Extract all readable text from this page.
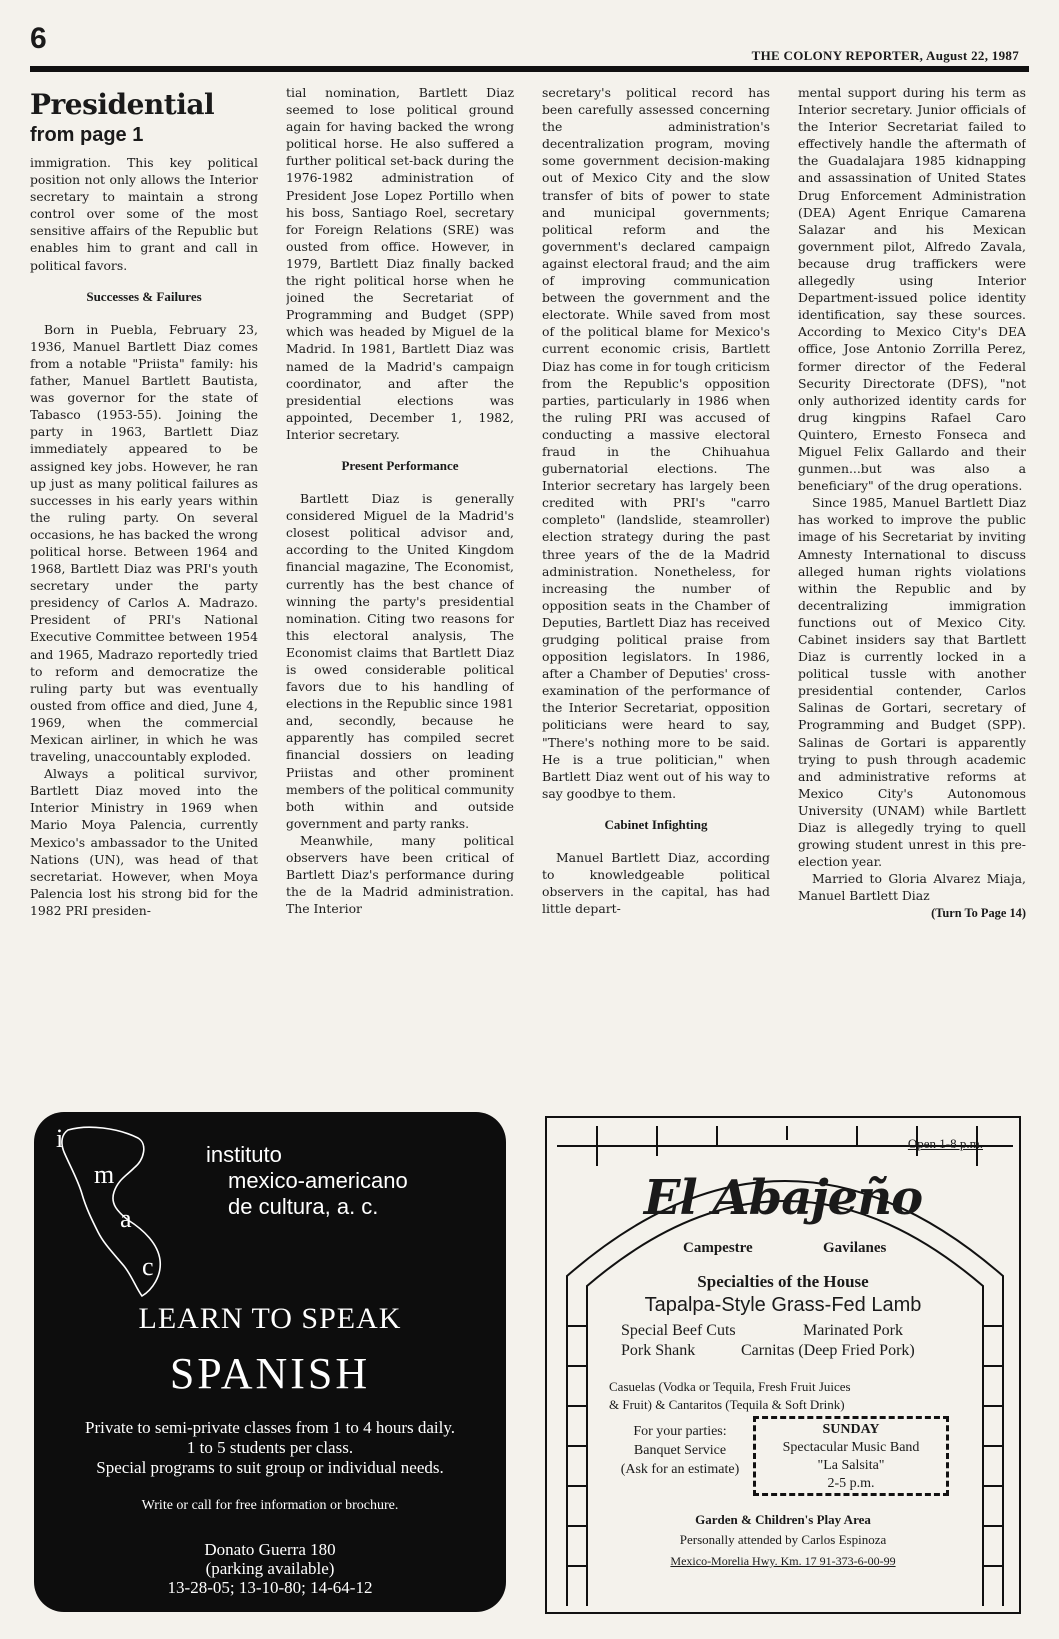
6
THE COLONY REPORTER, August 22, 1987
Presidential
from page 1

immigration. This key political position not only allows the Interior secretary to maintain a strong control over some of the most sensitive affairs of the Republic but enables him to grant and call in political favors.

Successes & Failures

Born in Puebla, February 23, 1936, Manuel Bartlett Diaz comes from a notable "Priista" family: his father, Manuel Bartlett Bautista, was governor for the state of Tabasco (1953-55). Joining the party in 1963, Bartlett Diaz immediately appeared to be assigned key jobs. However, he ran up just as many political failures as successes in his early years within the ruling party. On several occasions, he has backed the wrong political horse. Between 1964 and 1968, Bartlett Diaz was PRI's youth secretary under the party presidency of Carlos A. Madrazo. President of PRI's National Executive Committee between 1954 and 1965, Madrazo reportedly tried to reform and democratize the ruling party but was eventually ousted from office and died, June 4, 1969, when the commercial Mexican airliner, in which he was traveling, unaccountably exploded.

Always a political survivor, Bartlett Diaz moved into the Interior Ministry in 1969 when Mario Moya Palencia, currently Mexico's ambassador to the United Nations (UN), was head of that secretariat. However, when Moya Palencia lost his strong bid for the 1982 PRI presiden-

tial nomination, Bartlett Diaz seemed to lose political ground again for having backed the wrong political horse. He also suffered a further political set-back during the 1976-1982 administration of President Jose Lopez Portillo when his boss, Santiago Roel, secretary for Foreign Relations (SRE) was ousted from office. However, in 1979, Bartlett Diaz finally backed the right political horse when he joined the Secretariat of Programming and Budget (SPP) which was headed by Miguel de la Madrid. In 1981, Bartlett Diaz was named de la Madrid's campaign coordinator, and after the presidential elections was appointed, December 1, 1982, Interior secretary.

Present Performance

Bartlett Diaz is generally considered Miguel de la Madrid's closest political advisor and, according to the United Kingdom financial magazine, The Economist, currently has the best chance of winning the party's presidential nomination. Citing two reasons for this electoral analysis, The Economist claims that Bartlett Diaz is owed considerable political favors due to his handling of elections in the Republic since 1981 and, secondly, because he apparently has compiled secret financial dossiers on leading Priistas and other prominent members of the political community both within and outside government and party ranks.

Meanwhile, many political observers have been critical of Bartlett Diaz's performance during the de la Madrid administration. The Interior

secretary's political record has been carefully assessed concerning the administration's decentralization program, moving some government decision-making out of Mexico City and the slow transfer of bits of power to state and municipal governments; political reform and the government's declared campaign against electoral fraud; and the aim of improving communication between the government and the electorate. While saved from most of the political blame for Mexico's current economic crisis, Bartlett Diaz has come in for tough criticism from the Republic's opposition parties, particularly in 1986 when the ruling PRI was accused of conducting a massive electoral fraud in the Chihuahua gubernatorial elections. The Interior secretary has largely been credited with PRI's "carro completo" (landslide, steamroller) election strategy during the past three years of the de la Madrid administration. Nonetheless, for increasing the number of opposition seats in the Chamber of Deputies, Bartlett Diaz has received grudging political praise from opposition legislators. In 1986, after a Chamber of Deputies' cross-examination of the performance of the Interior Secretariat, opposition politicians were heard to say, "There's nothing more to be said. He is a true politician," when Bartlett Diaz went out of his way to say goodbye to them.

Cabinet Infighting

Manuel Bartlett Diaz, according to knowledgeable political observers in the capital, has had little depart-

mental support during his term as Interior secretary. Junior officials of the Interior Secretariat failed to effectively handle the aftermath of the Guadalajara 1985 kidnapping and assassination of United States Drug Enforcement Administration (DEA) Agent Enrique Camarena Salazar and his Mexican government pilot, Alfredo Zavala, because drug traffickers were allegedly using Interior Department-issued police identity identification, say these sources. According to Mexico City's DEA office, Jose Antonio Zorrilla Perez, former director of the Federal Security Directorate (DFS), "not only authorized identity cards for drug kingpins Rafael Caro Quintero, Ernesto Fonseca and Miguel Felix Gallardo and their gunmen...but was also a beneficiary" of the drug operations.

Since 1985, Manuel Bartlett Diaz has worked to improve the public image of his Secretariat by inviting Amnesty International to discuss alleged human rights violations within the Republic and by decentralizing immigration functions out of Mexico City. Cabinet insiders say that Bartlett Diaz is currently locked in a political tussle with another presidential contender, Carlos Salinas de Gortari, secretary of Programming and Budget (SPP). Salinas de Gortari is apparently trying to push through academic and administrative reforms at Mexico City's Autonomous University (UNAM) while Bartlett Diaz is allegedly trying to quell growing student unrest in this pre-election year.

Married to Gloria Alvarez Miaja, Manuel Bartlett Diaz

(Turn To Page 14)
i
m
a
c
instituto
mexico-americano
de cultura, a. c.
LEARN TO SPEAK
SPANISH
Private to semi-private classes from 1 to 4 hours daily.
1 to 5 students per class.
Special programs to suit group or individual needs.
Write or call for free information or brochure.
Donato Guerra 180
(parking available)
13-28-05; 13-10-80; 14-64-12
Open 1-8 p.m.
El Abajeño
Campestre	Gavilanes
Specialties of the House
Tapalpa-Style Grass-Fed Lamb
Special Beef Cuts	Marinated Pork
Pork Shank	Carnitas (Deep Fried Pork)
Casuelas (Vodka or Tequila, Fresh Fruit Juices
& Fruit) & Cantaritos (Tequila & Soft Drink)
For your parties:
Banquet Service
(Ask for an estimate)
SUNDAY
Spectacular Music Band
"La Salsita"
2-5 p.m.
Garden & Children's Play Area
Personally attended by Carlos Espinoza
Mexico-Morelia Hwy. Km. 17 91-373-6-00-99
